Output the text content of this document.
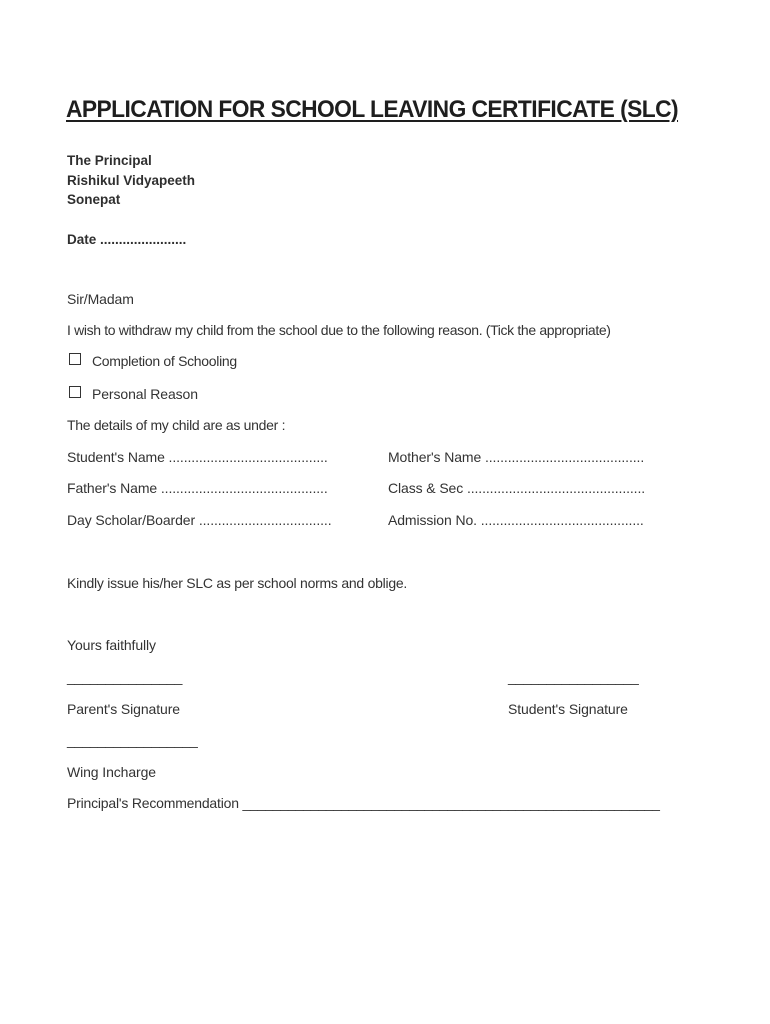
APPLICATION FOR SCHOOL LEAVING CERTIFICATE (SLC)
The Principal
Rishikul Vidyapeeth
Sonepat
Date .......................
Sir/Madam
I wish to withdraw my child from the school due to the following reason. (Tick the appropriate)
Completion of Schooling
Personal Reason
The details of my child are as under :
Student's Name ..........................................	Mother's Name ..........................................
Father's Name ............................................	Class & Sec ...............................................
Day Scholar/Boarder ...................................	Admission No. ...........................................
Kindly issue his/her SLC as per school norms and oblige.
Yours faithfully
_______________	_________________
Parent's Signature	Student's Signature
_________________
Wing Incharge
Principal's Recommendation _______________________________________________________
